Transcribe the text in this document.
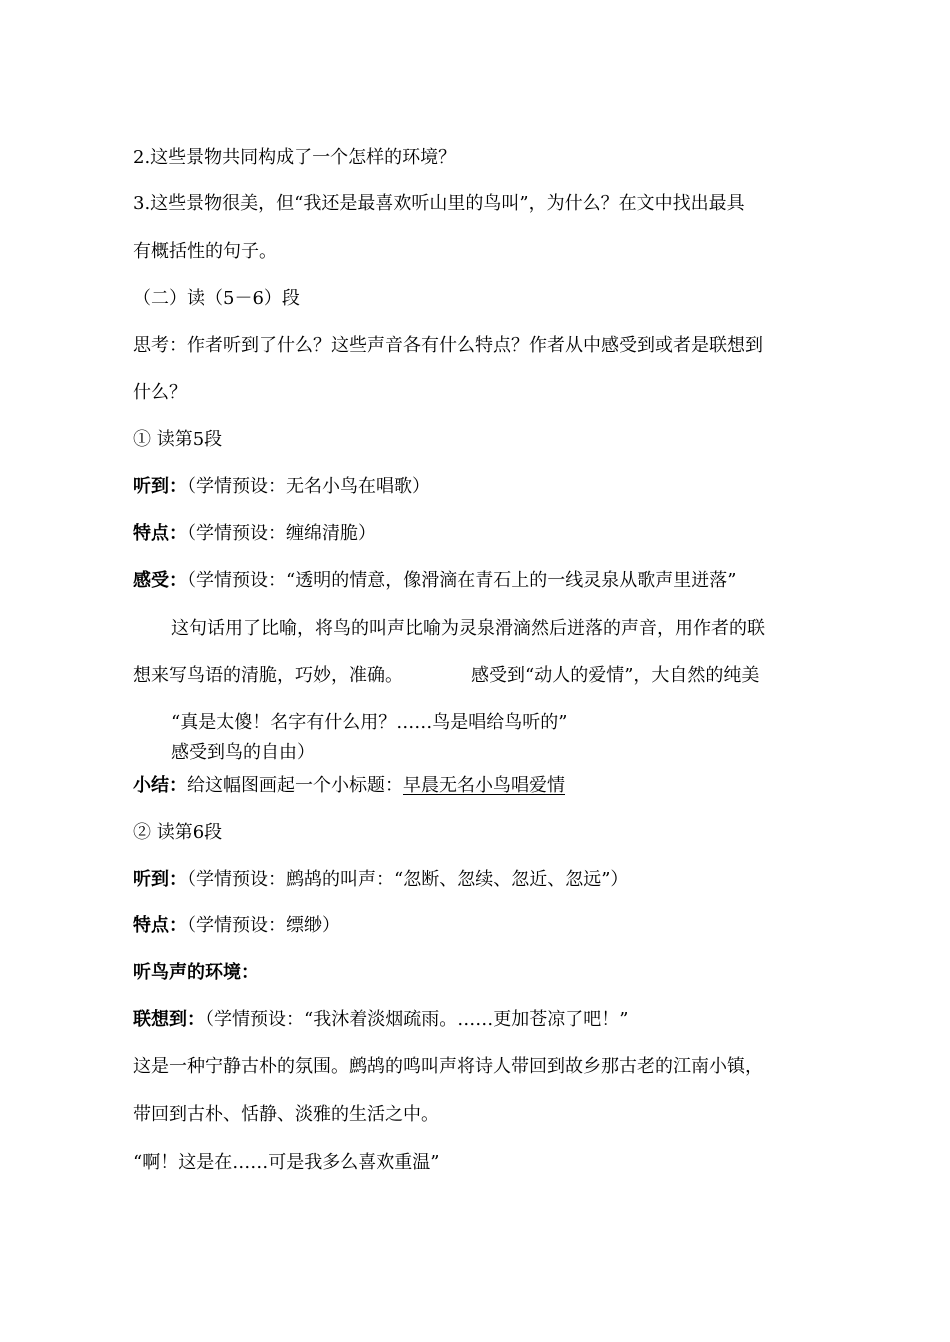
2.这些景物共同构成了一个怎样的环境？
3.这些景物很美，但“我还是最喜欢听山里的鸟叫”，为什么？在文中找出最具
有概括性的句子。
（二）读（5－6）段
思考：作者听到了什么？这些声音各有什么特点？作者从中感受到或者是联想到
什么？
① 读第5段
听到：（学情预设：无名小鸟在唱歌）
特点：（学情预设：缠绵清脆）
感受：（学情预设：“透明的情意，像滑滴在青石上的一线灵泉从歌声里迸落”
这句话用了比喻，将鸟的叫声比喻为灵泉滑滴然后迸落的声音，用作者的联
想来写鸟语的清脆，巧妙，准确。	感受到“动人的爱情”，大自然的纯美
“真是太傻！名字有什么用？……鸟是唱给鸟听的”
感受到鸟的自由）
小结：给这幅图画起一个小标题：早晨无名小鸟唱爱情
② 读第6段
听到：（学情预设：鹧鸪的叫声：“忽断、忽续、忽近、忽远”）
特点：（学情预设：缥缈）
听鸟声的环境：
联想到：（学情预设：“我沐着淡烟疏雨。……更加苍凉了吧！”
这是一种宁静古朴的氛围。鹧鸪的鸣叫声将诗人带回到故乡那古老的江南小镇，
带回到古朴、恬静、淡雅的生活之中。
“啊！这是在……可是我多么喜欢重温”
